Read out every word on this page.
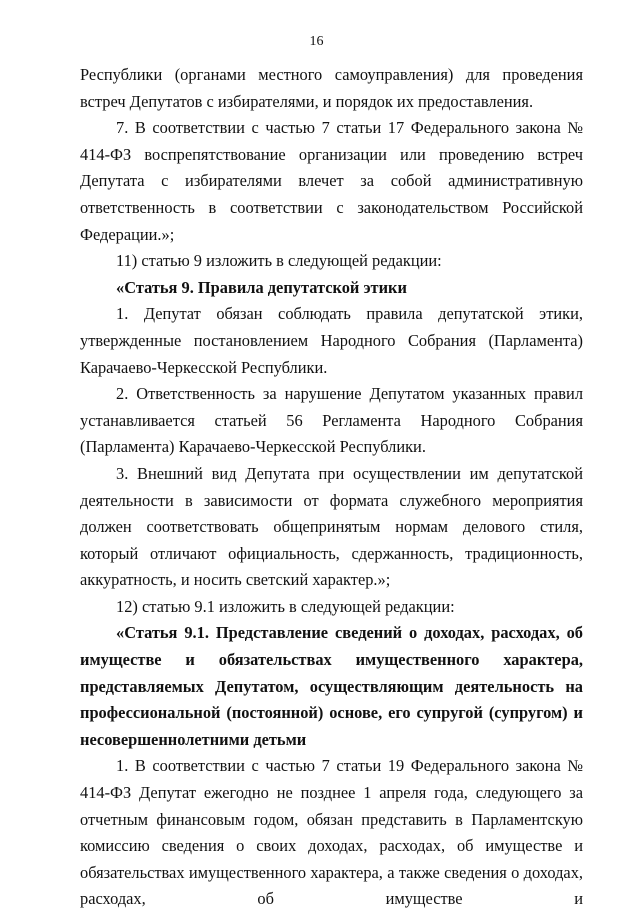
16

Республики (органами местного самоуправления) для проведения встреч Депутатов с избирателями, и порядок их предоставления.

7. В соответствии с частью 7 статьи 17 Федерального закона № 414-ФЗ воспрепятствование организации или проведению встреч Депутата с избирателями влечет за собой административную ответственность в соответствии с законодательством Российской Федерации.»;

11) статью 9 изложить в следующей редакции:

«Статья 9. Правила депутатской этики

1. Депутат обязан соблюдать правила депутатской этики, утвержденные постановлением Народного Собрания (Парламента) Карачаево-Черкесской Республики.

2. Ответственность за нарушение Депутатом указанных правил устанавливается статьей 56 Регламента Народного Собрания (Парламента) Карачаево-Черкесской Республики.

3. Внешний вид Депутата при осуществлении им депутатской деятельности в зависимости от формата служебного мероприятия должен соответствовать общепринятым нормам делового стиля, который отличают официальность, сдержанность, традиционность, аккуратность, и носить светский характер.»;

12) статью 9.1 изложить в следующей редакции:

«Статья 9.1. Представление сведений о доходах, расходах, об имуществе и обязательствах имущественного характера, представляемых Депутатом, осуществляющим деятельность на профессиональной (постоянной) основе, его супругой (супругом) и несовершеннолетними детьми

1. В соответствии с частью 7 статьи 19 Федерального закона № 414-ФЗ Депутат ежегодно не позднее 1 апреля года, следующего за отчетным финансовым годом, обязан представить в Парламентскую комиссию сведения о своих доходах, расходах, об имуществе и обязательствах имущественного характера, а также сведения о доходах, расходах, об имуществе и
